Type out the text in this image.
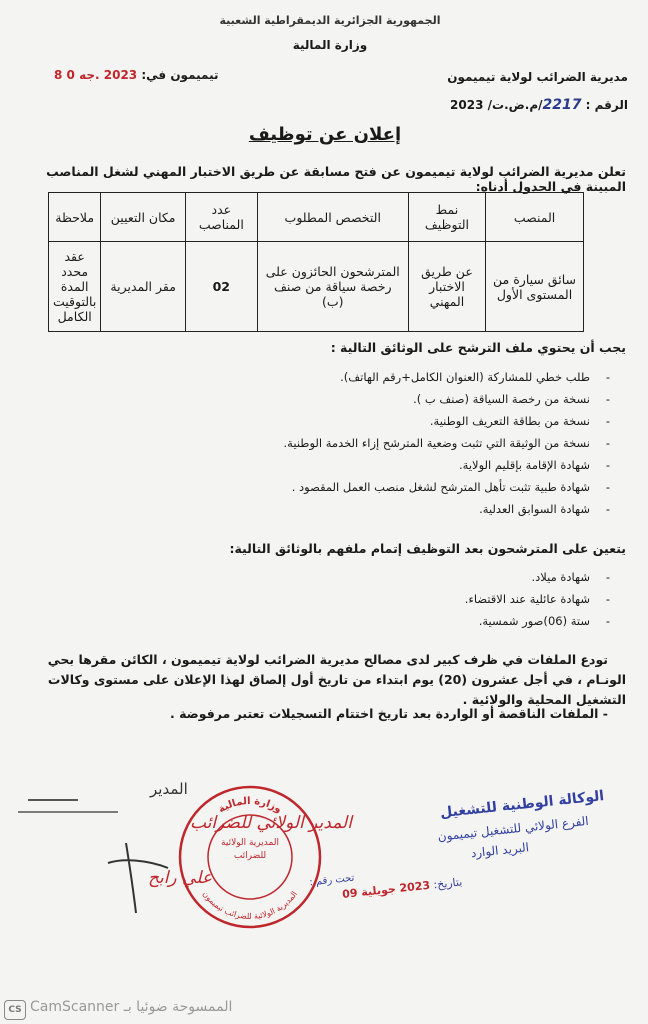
الجمهورية الجزائرية الديمقراطية الشعبية
وزارة المالية
مديرية الضرائب لولاية تيميمون
الرقم : 2217/م.ض.ت/ 2023
تيميمون في: 2023 .جه 0 8
إعلان عن توظيف
تعلن مديرية الضرائب لولاية تيميمون عن فتح مسابقة عن طريق الاختبار المهني لشغل المناصب المبينة في الجدول أدناه:
المنصب	نمط التوظيف	التخصص المطلوب	عدد المناصب	مكان التعيين	ملاحظة
سائق سيارة من المستوى الأول	عن طريق الاختبار المهني	المترشحون الحائزون على رخصة سياقة من صنف (ب)	02	مقر المديرية	عقد محدد المدة بالتوقيت الكامل
يجب أن يحتوي ملف الترشح على الوثائق التالية :
- طلب خطي للمشاركة (العنوان الكامل+رقم الهاتف).
- نسخة من رخصة السياقة (صنف ب ).
- نسخة من بطاقة التعريف الوطنية.
- نسخة من الوثيقة التي تثبت وضعية المترشح إزاء الخدمة الوطنية.
- شهادة الإقامة بإقليم الولاية.
- شهادة طبية تثبت تأهل المترشح لشغل منصب العمل المقصود .
- شهادة السوابق العدلية.
يتعين على المترشحون بعد التوظيف إتمام ملفهم بالوثائق التالية:
- شهادة ميلاد.
- شهادة عائلية عند الاقتضاء.
- ستة (06)صور شمسية.
تودع الملفات في ظرف كبير لدى مصالح مديرية الضرائب لولاية تيميمون ، الكائن مقرها بحي الونـام ، في أجل عشرون (20) يوم ابتداء من تاريخ أول إلصاق لهذا الإعلان على مستوى وكالات التشغيل المحلية والولائية .
- الملفات الناقصة أو الواردة بعد تاريخ اختتام التسجيلات تعتبر مرفوضة .
المدير
المدير الولائي للضرائب
علي رابح
وزارة المالية
المديرية الولائية للضرائب تيميمون
المديرية الولائية للضرائب
الوكالة الوطنية للتشغيل
الفرع الولائي للتشغيل تيميمون
البريد الوارد
تحت رقم :	بتاريخ: 2023 جويلية 09
CS الممسوحة ضوئيا بـ CamScanner
